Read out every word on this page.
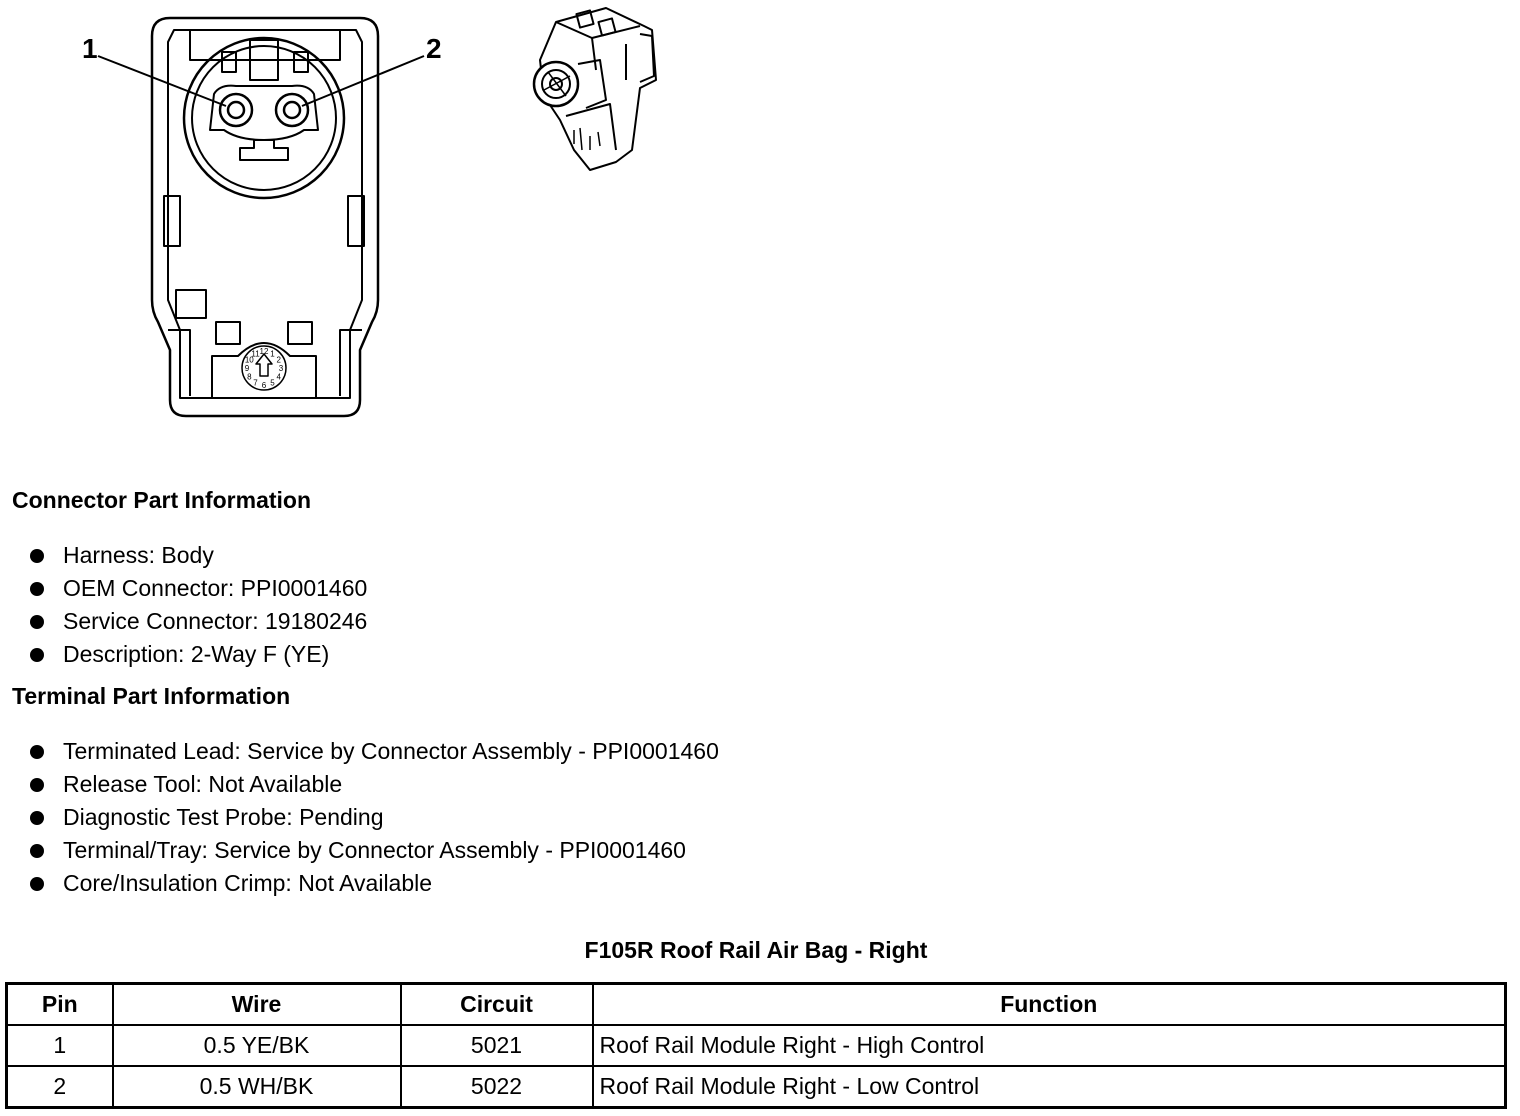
10
11 12 1
2
3
4
5
6
7
8
9
1	2
Connector Part Information
Harness: Body
OEM Connector: PPI0001460
Service Connector: 19180246
Description: 2-Way F (YE)
Terminal Part Information
Terminated Lead: Service by Connector Assembly - PPI0001460
Release Tool: Not Available
Diagnostic Test Probe: Pending
Terminal/Tray: Service by Connector Assembly - PPI0001460
Core/Insulation Crimp: Not Available
F105R Roof Rail Air Bag - Right
Pin	Wire	Circuit	Function
1	0.5 YE/BK	5021	Roof Rail Module Right - High Control
2	0.5 WH/BK	5022	Roof Rail Module Right - Low Control
